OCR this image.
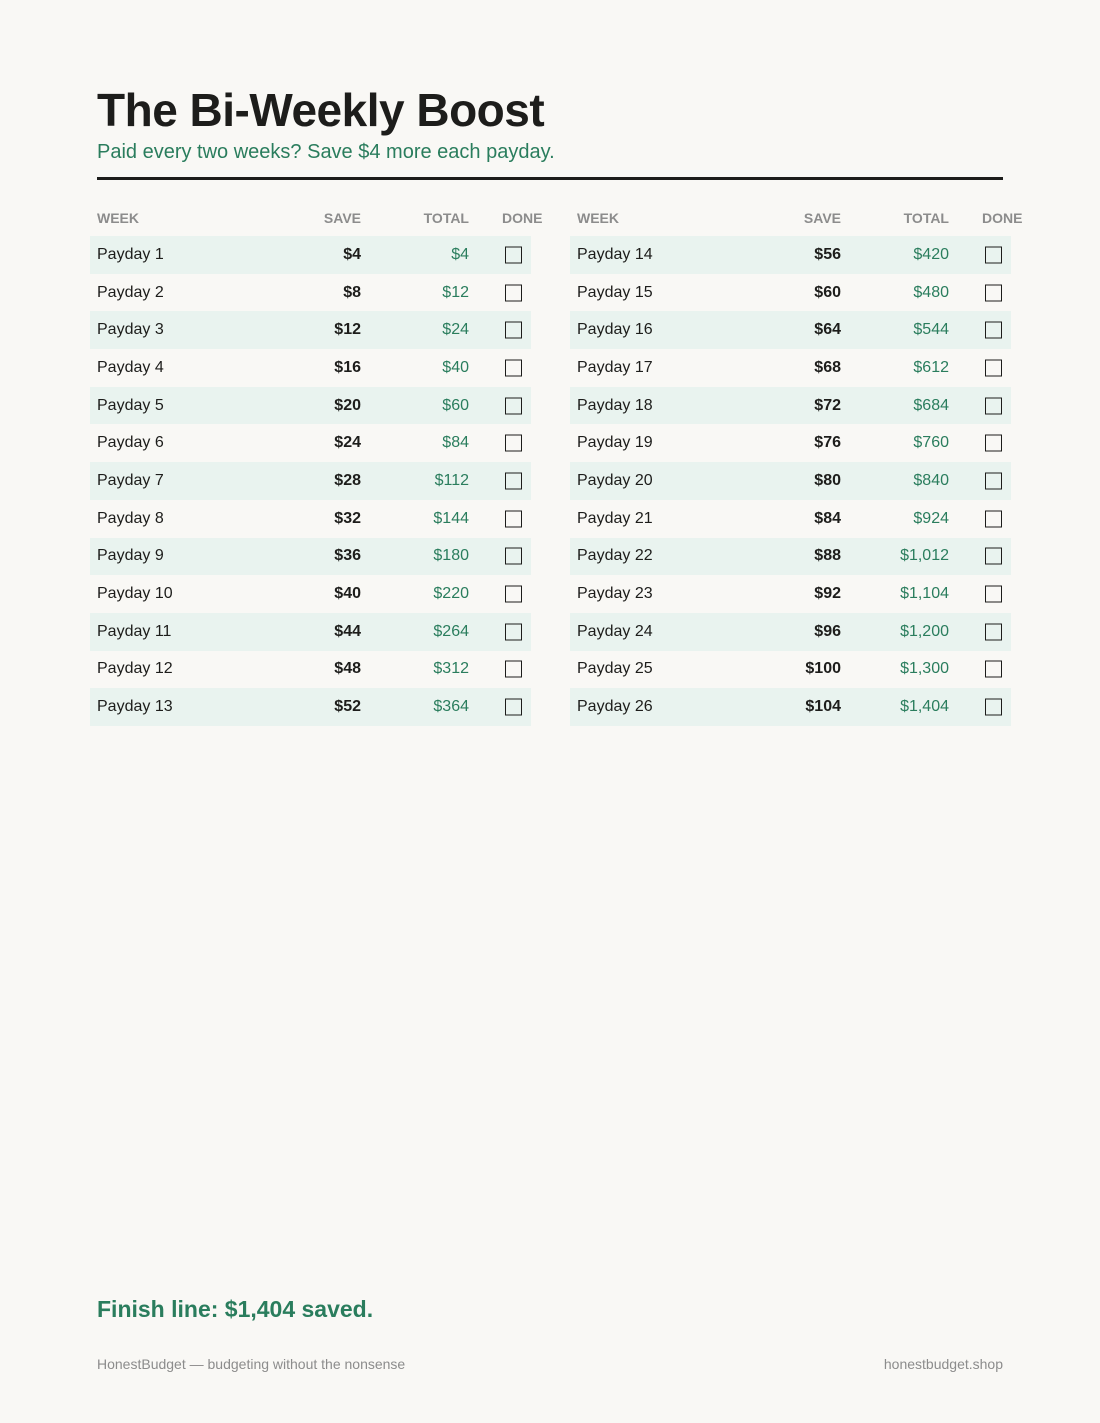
The Bi-Weekly Boost
Paid every two weeks? Save $4 more each payday.
WEEK	SAVE	TOTAL DONE
Payday 1	$4	$4
Payday 2	$8	$12
Payday 3	$12	$24
Payday 4	$16	$40
Payday 5	$20	$60
Payday 6	$24	$84
Payday 7	$28	$112
Payday 8	$32	$144
Payday 9	$36	$180
Payday 10	$40	$220
Payday 11	$44	$264
Payday 12	$48	$312
Payday 13	$52	$364
WEEK	SAVE	TOTAL DONE
Payday 14	$56	$420
Payday 15	$60	$480
Payday 16	$64	$544
Payday 17	$68	$612
Payday 18	$72	$684
Payday 19	$76	$760
Payday 20	$80	$840
Payday 21	$84	$924
Payday 22	$88	$1,012
Payday 23	$92	$1,104
Payday 24	$96	$1,200
Payday 25	$100	$1,300
Payday 26	$104	$1,404
Finish line: $1,404 saved.
HonestBudget — budgeting without the nonsense	honestbudget.shop
